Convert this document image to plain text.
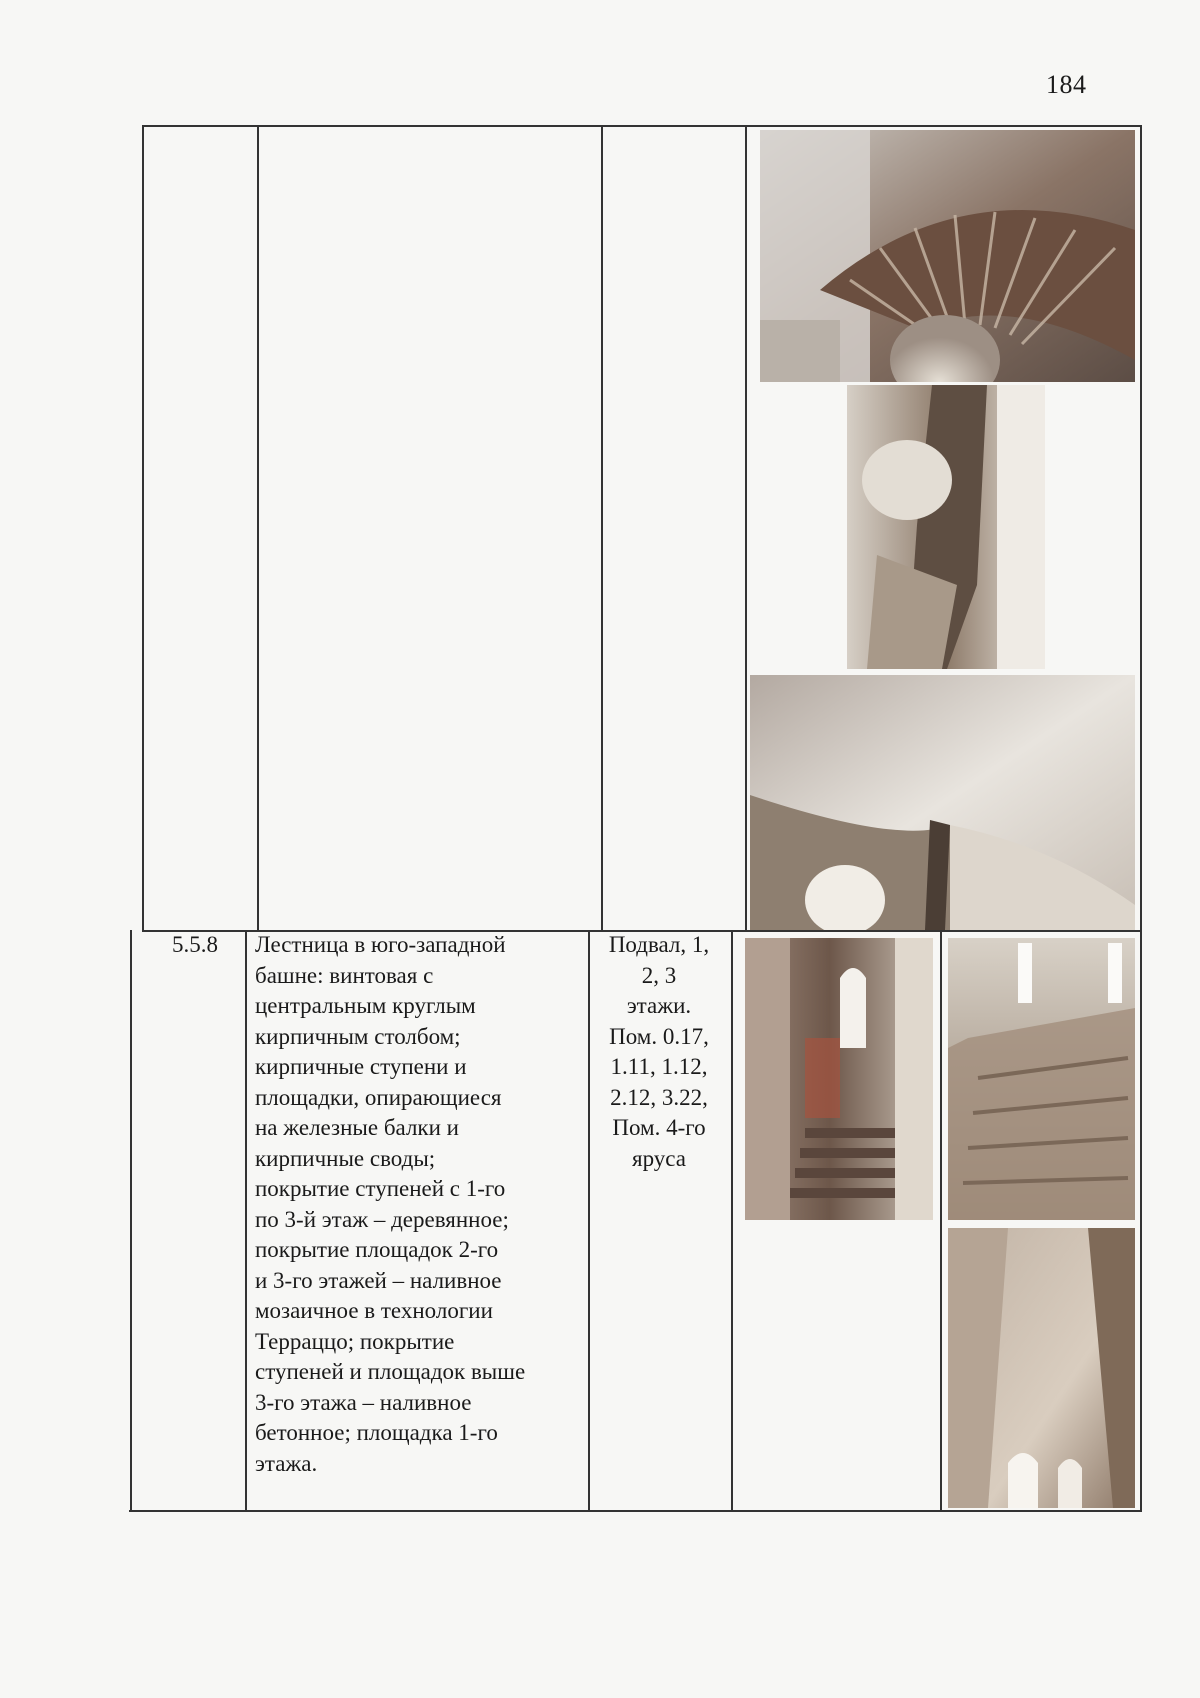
184
5.5.8	Лестница в юго-западной
башне: винтовая с
центральным круглым
кирпичным столбом;
кирпичные ступени и
площадки, опирающиеся
на железные балки и
кирпичные своды;
покрытие ступеней с 1-го
по 3-й этаж – деревянное;
покрытие площадок 2-го
и 3-го этажей – наливное
мозаичное в технологии
Терраццо; покрытие
ступеней и площадок выше
3-го этажа – наливное
бетонное; площадка 1-го
этажа.
Подвал, 1,
2, 3
этажи.
Пом. 0.17,
1.11, 1.12,
2.12, 3.22,
Пом. 4-го
яруса
